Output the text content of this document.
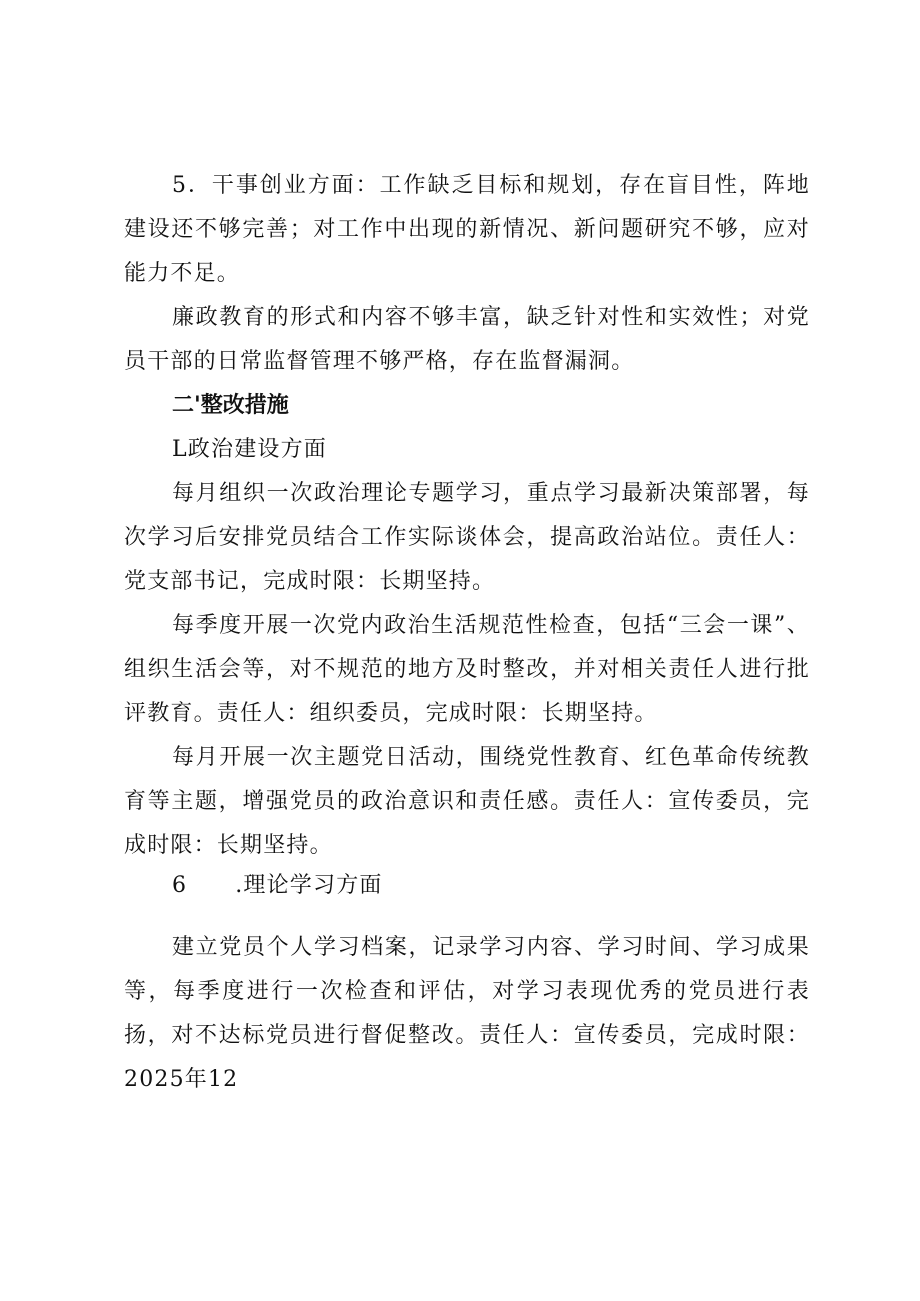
5．干事创业方面：工作缺乏目标和规划，存在盲目性，阵地建设还不够完善；对工作中出现的新情况、新问题研究不够，应对能力不足。

廉政教育的形式和内容不够丰富，缺乏针对性和实效性；对党员干部的日常监督管理不够严格，存在监督漏洞。

二'整改措施

L政治建设方面

每月组织一次政治理论专题学习，重点学习最新决策部署，每次学习后安排党员结合工作实际谈体会，提高政治站位。责任人：党支部书记，完成时限：长期坚持。

每季度开展一次党内政治生活规范性检查，包括“三会一课”、组织生活会等，对不规范的地方及时整改，并对相关责任人进行批评教育。责任人：组织委员，完成时限：长期坚持。

每月开展一次主题党日活动，围绕党性教育、红色革命传统教育等主题，增强党员的政治意识和责任感。责任人：宣传委员，完成时限：长期坚持。

6 .理论学习方面

建立党员个人学习档案，记录学习内容、学习时间、学习成果等，每季度进行一次检查和评估，对学习表现优秀的党员进行表扬，对不达标党员进行督促整改。责任人：宣传委员，完成时限：2025年12
